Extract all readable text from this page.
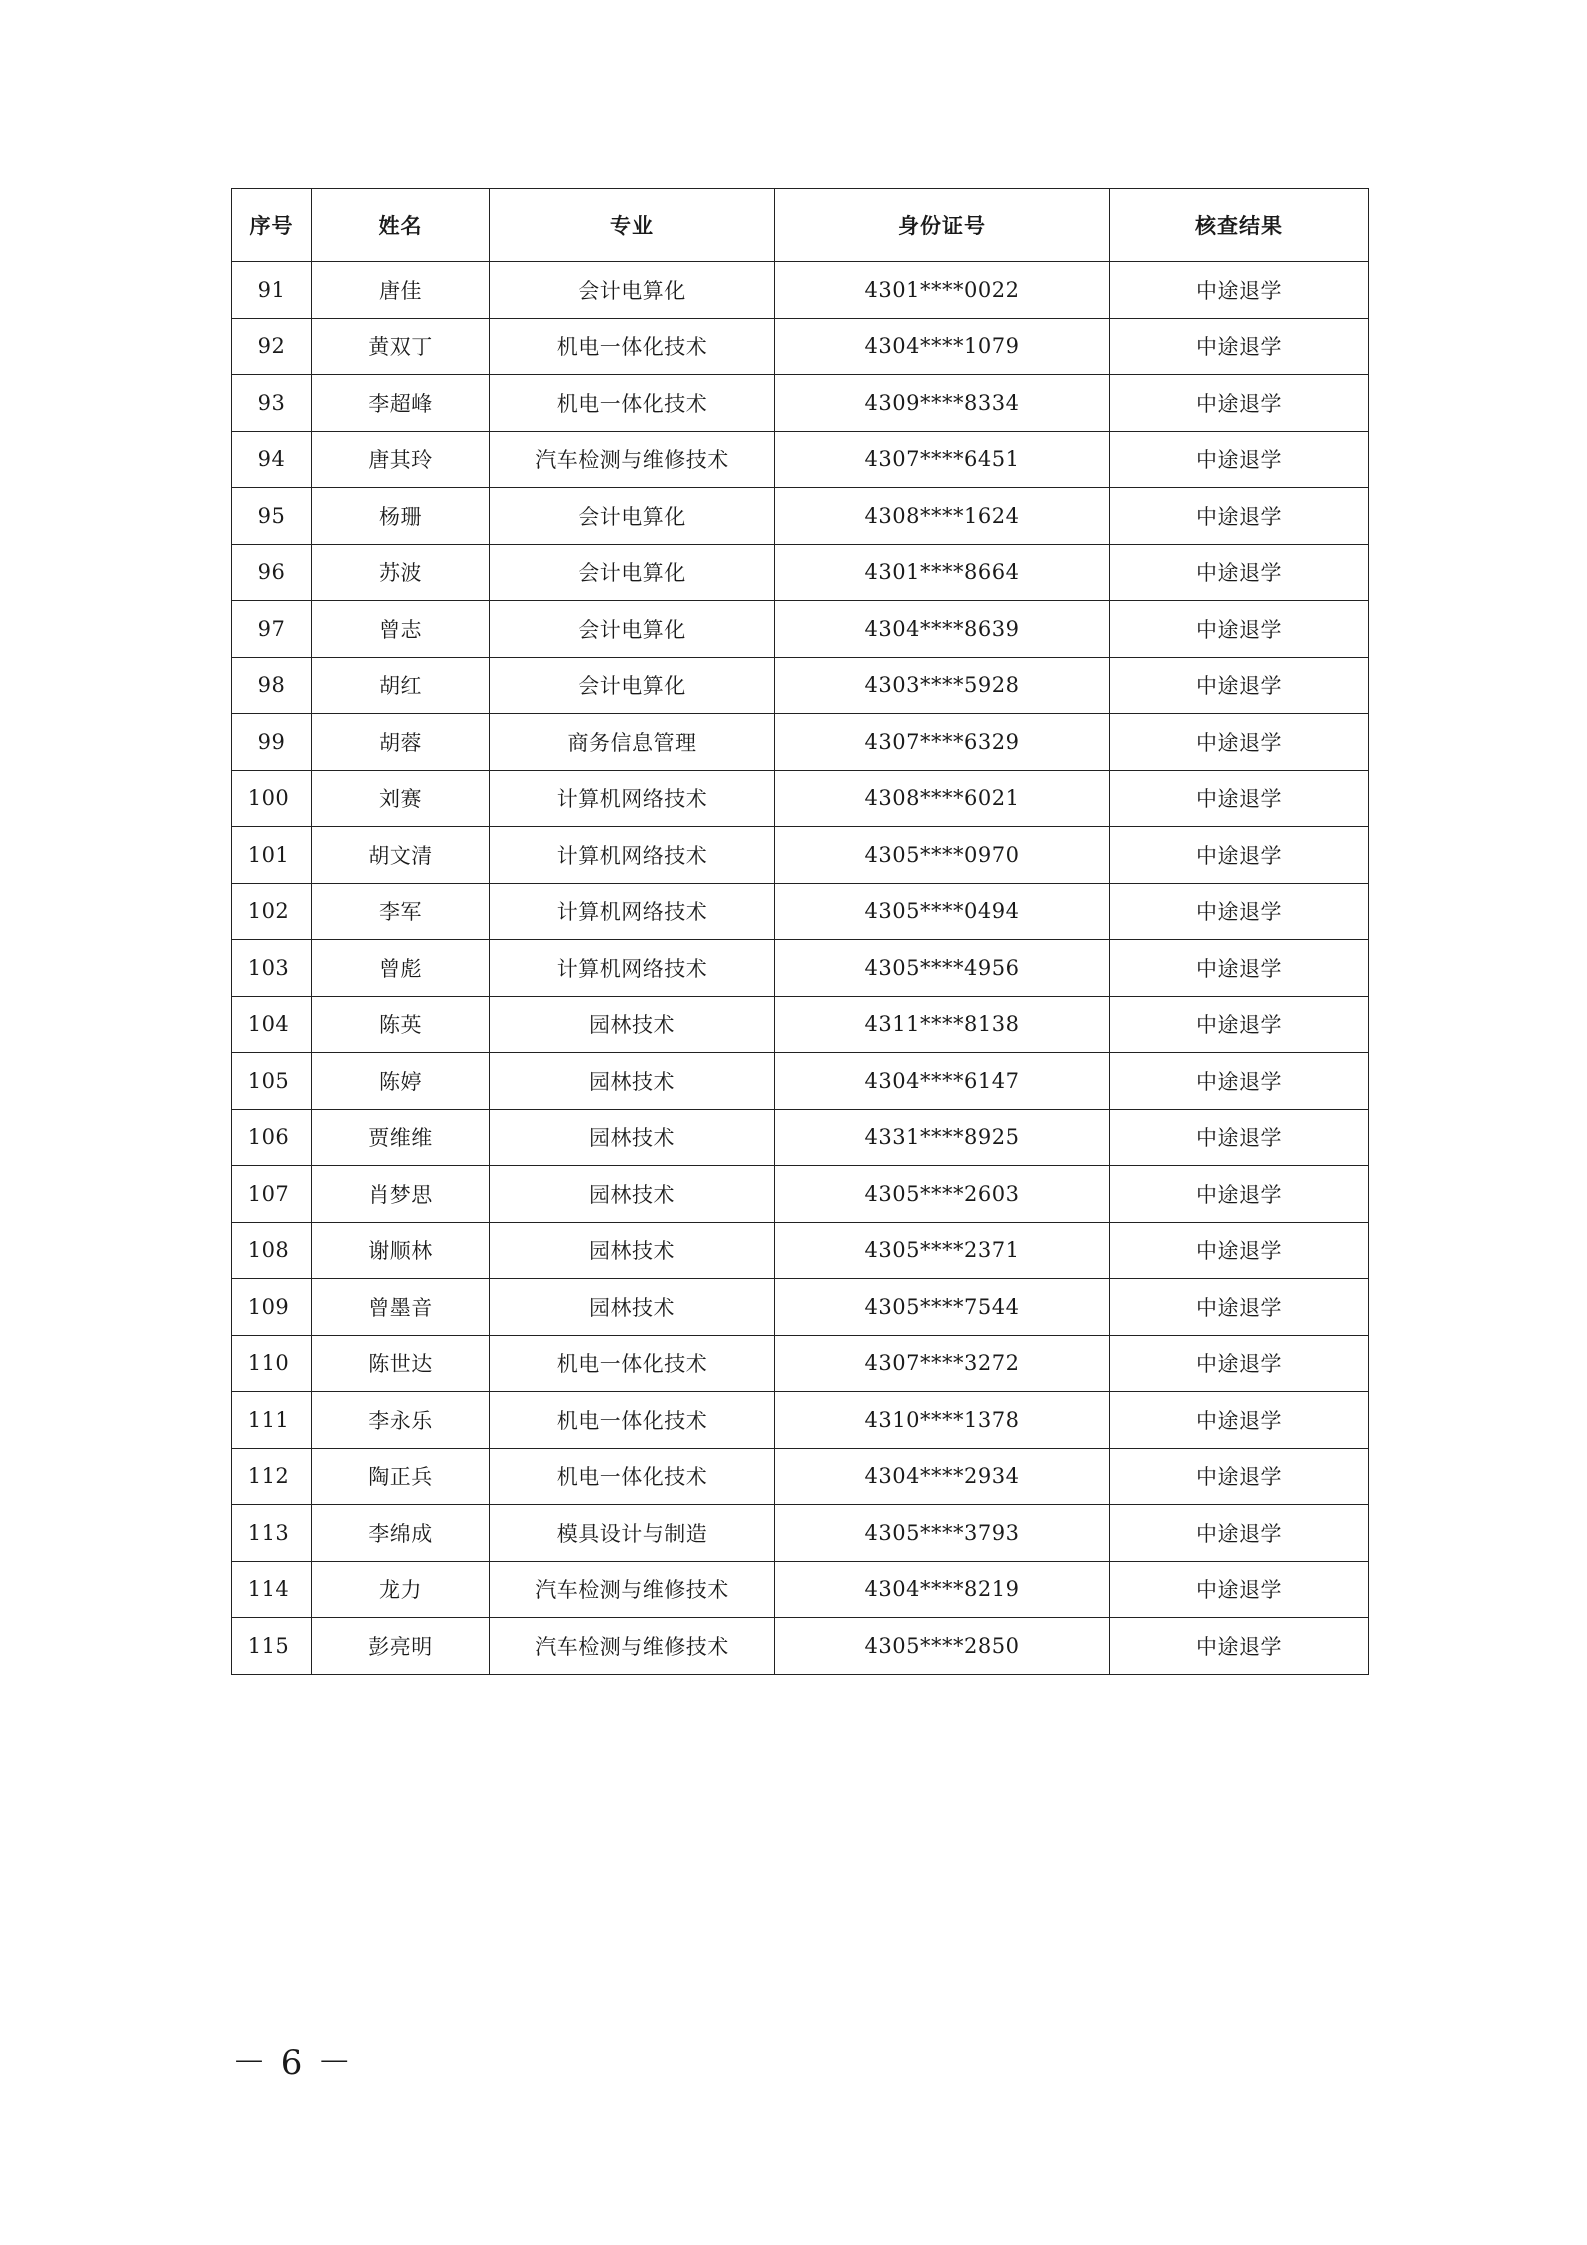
序号	姓名	专业	身份证号	核查结果
91	唐佳	会计电算化	4301****0022	中途退学
92	黄双丁	机电一体化技术	4304****1079	中途退学
93	李超峰	机电一体化技术	4309****8334	中途退学
94	唐其玲	汽车检测与维修技术	4307****6451	中途退学
95	杨珊	会计电算化	4308****1624	中途退学
96	苏波	会计电算化	4301****8664	中途退学
97	曾志	会计电算化	4304****8639	中途退学
98	胡红	会计电算化	4303****5928	中途退学
99	胡蓉	商务信息管理	4307****6329	中途退学
100	刘赛	计算机网络技术	4308****6021	中途退学
101	胡文清	计算机网络技术	4305****0970	中途退学
102	李军	计算机网络技术	4305****0494	中途退学
103	曾彪	计算机网络技术	4305****4956	中途退学
104	陈英	园林技术	4311****8138	中途退学
105	陈婷	园林技术	4304****6147	中途退学
106	贾维维	园林技术	4331****8925	中途退学
107	肖梦思	园林技术	4305****2603	中途退学
108	谢顺林	园林技术	4305****2371	中途退学
109	曾墨音	园林技术	4305****7544	中途退学
110	陈世达	机电一体化技术	4307****3272	中途退学
111	李永乐	机电一体化技术	4310****1378	中途退学
112	陶正兵	机电一体化技术	4304****2934	中途退学
113	李绵成	模具设计与制造	4305****3793	中途退学
114	龙力	汽车检测与维修技术	4304****8219	中途退学
115	彭亮明	汽车检测与维修技术	4305****2850	中途退学
－ 6 －
